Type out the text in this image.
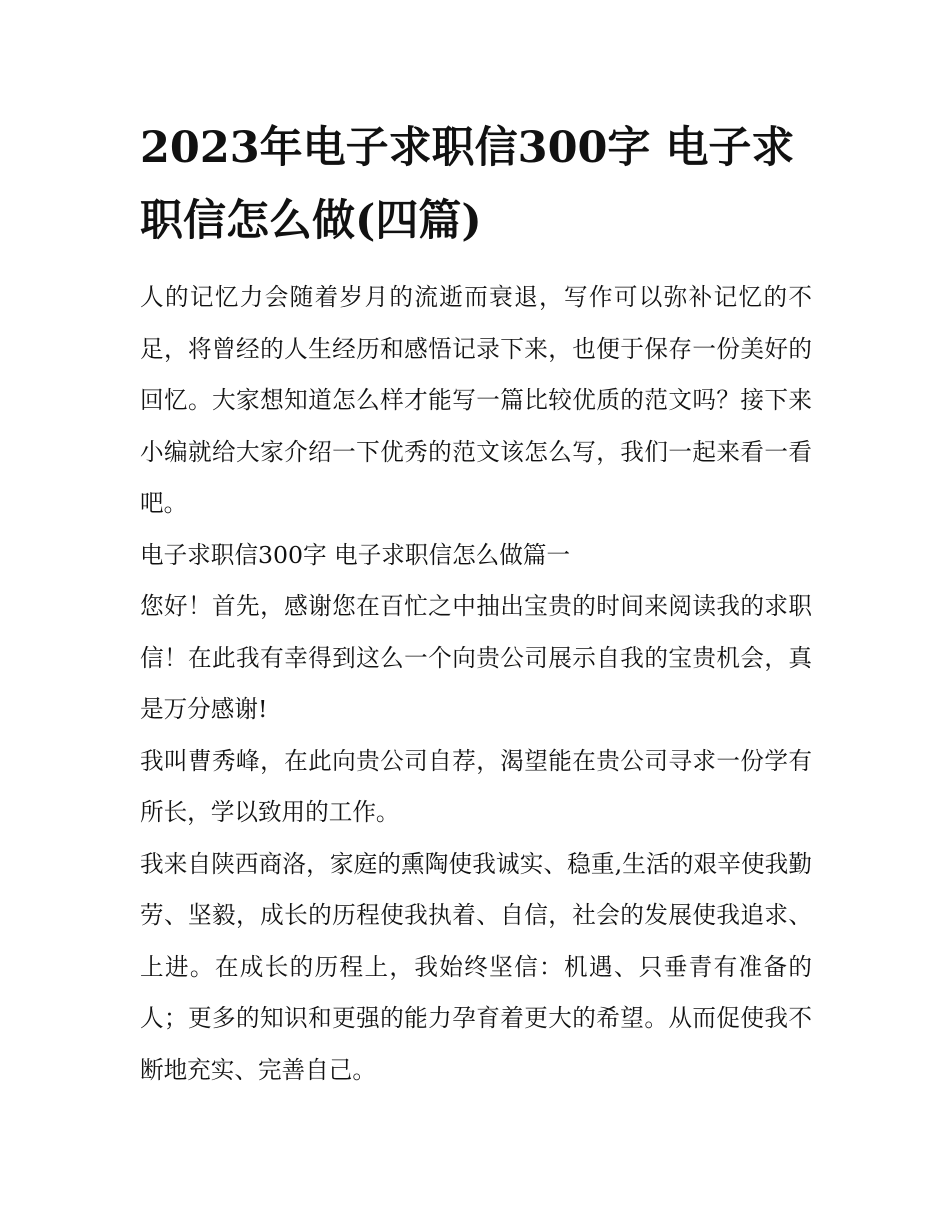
2023年电子求职信300字 电子求职信怎么做(四篇)

人的记忆力会随着岁月的流逝而衰退，写作可以弥补记忆的不足，将曾经的人生经历和感悟记录下来，也便于保存一份美好的回忆。大家想知道怎么样才能写一篇比较优质的范文吗？接下来小编就给大家介绍一下优秀的范文该怎么写，我们一起来看一看吧。

电子求职信300字 电子求职信怎么做篇一

您好！首先，感谢您在百忙之中抽出宝贵的时间来阅读我的求职信！在此我有幸得到这么一个向贵公司展示自我的宝贵机会，真是万分感谢!

我叫曹秀峰，在此向贵公司自荐，渴望能在贵公司寻求一份学有所长，学以致用的工作。

我来自陕西商洛，家庭的熏陶使我诚实、稳重,生活的艰辛使我勤劳、坚毅，成长的历程使我执着、自信，社会的发展使我追求、上进。在成长的历程上，我始终坚信：机遇、只垂青有准备的人；更多的知识和更强的能力孕育着更大的希望。从而促使我不断地充实、完善自己。
